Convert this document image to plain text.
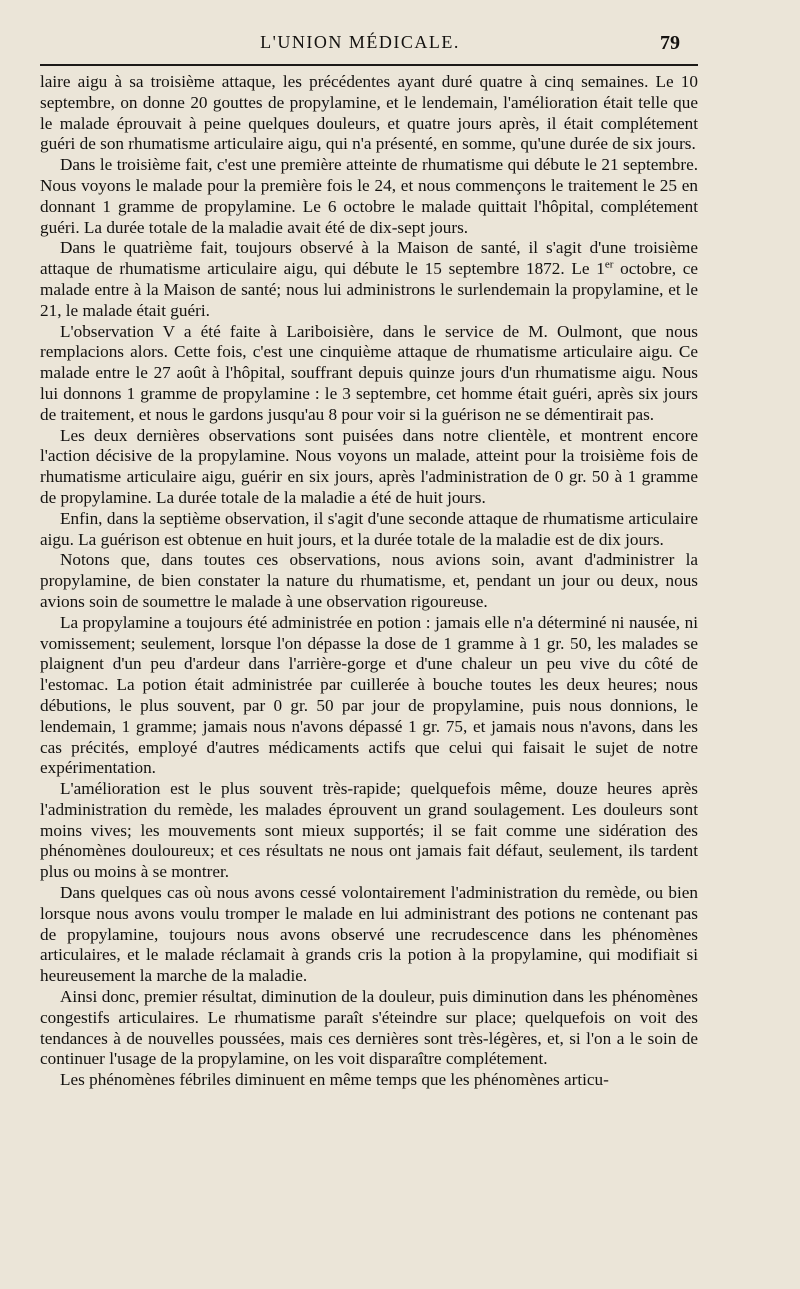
L'UNION MÉDICALE.	79

laire aigu à sa troisième attaque, les précédentes ayant duré quatre à cinq semaines. Le 10 septembre, on donne 20 gouttes de propylamine, et le lendemain, l'amélioration était telle que le malade éprouvait à peine quelques douleurs, et quatre jours après, il était complétement guéri de son rhumatisme articulaire aigu, qui n'a présenté, en somme, qu'une durée de six jours.

Dans le troisième fait, c'est une première atteinte de rhumatisme qui débute le 21 septembre. Nous voyons le malade pour la première fois le 24, et nous commençons le traitement le 25 en donnant 1 gramme de propylamine. Le 6 octobre le malade quittait l'hôpital, complétement guéri. La durée totale de la maladie avait été de dix-sept jours.

Dans le quatrième fait, toujours observé à la Maison de santé, il s'agit d'une troisième attaque de rhumatisme articulaire aigu, qui débute le 15 septembre 1872. Le 1er octobre, ce malade entre à la Maison de santé; nous lui administrons le surlendemain la propylamine, et le 21, le malade était guéri.

L'observation V a été faite à Lariboisière, dans le service de M. Oulmont, que nous remplacions alors. Cette fois, c'est une cinquième attaque de rhumatisme articulaire aigu. Ce malade entre le 27 août à l'hôpital, souffrant depuis quinze jours d'un rhumatisme aigu. Nous lui donnons 1 gramme de propylamine : le 3 septembre, cet homme était guéri, après six jours de traitement, et nous le gardons jusqu'au 8 pour voir si la guérison ne se démentirait pas.

Les deux dernières observations sont puisées dans notre clientèle, et montrent encore l'action décisive de la propylamine. Nous voyons un malade, atteint pour la troisième fois de rhumatisme articulaire aigu, guérir en six jours, après l'administration de 0 gr. 50 à 1 gramme de propylamine. La durée totale de la maladie a été de huit jours.

Enfin, dans la septième observation, il s'agit d'une seconde attaque de rhumatisme articulaire aigu. La guérison est obtenue en huit jours, et la durée totale de la maladie est de dix jours.

Notons que, dans toutes ces observations, nous avions soin, avant d'administrer la propylamine, de bien constater la nature du rhumatisme, et, pendant un jour ou deux, nous avions soin de soumettre le malade à une observation rigoureuse.

La propylamine a toujours été administrée en potion : jamais elle n'a déterminé ni nausée, ni vomissement; seulement, lorsque l'on dépasse la dose de 1 gramme à 1 gr. 50, les malades se plaignent d'un peu d'ardeur dans l'arrière-gorge et d'une chaleur un peu vive du côté de l'estomac. La potion était administrée par cuillerée à bouche toutes les deux heures; nous débutions, le plus souvent, par 0 gr. 50 par jour de propylamine, puis nous donnions, le lendemain, 1 gramme; jamais nous n'avons dépassé 1 gr. 75, et jamais nous n'avons, dans les cas précités, employé d'autres médicaments actifs que celui qui faisait le sujet de notre expérimentation.

L'amélioration est le plus souvent très-rapide; quelquefois même, douze heures après l'administration du remède, les malades éprouvent un grand soulagement. Les douleurs sont moins vives; les mouvements sont mieux supportés; il se fait comme une sidération des phénomènes douloureux; et ces résultats ne nous ont jamais fait défaut, seulement, ils tardent plus ou moins à se montrer.

Dans quelques cas où nous avons cessé volontairement l'administration du remède, ou bien lorsque nous avons voulu tromper le malade en lui administrant des potions ne contenant pas de propylamine, toujours nous avons observé une recrudescence dans les phénomènes articulaires, et le malade réclamait à grands cris la potion à la propylamine, qui modifiait si heureusement la marche de la maladie.

Ainsi donc, premier résultat, diminution de la douleur, puis diminution dans les phénomènes congestifs articulaires. Le rhumatisme paraît s'éteindre sur place; quelquefois on voit des tendances à de nouvelles poussées, mais ces dernières sont très-légères, et, si l'on a le soin de continuer l'usage de la propylamine, on les voit disparaître complétement.

Les phénomènes fébriles diminuent en même temps que les phénomènes articu-
